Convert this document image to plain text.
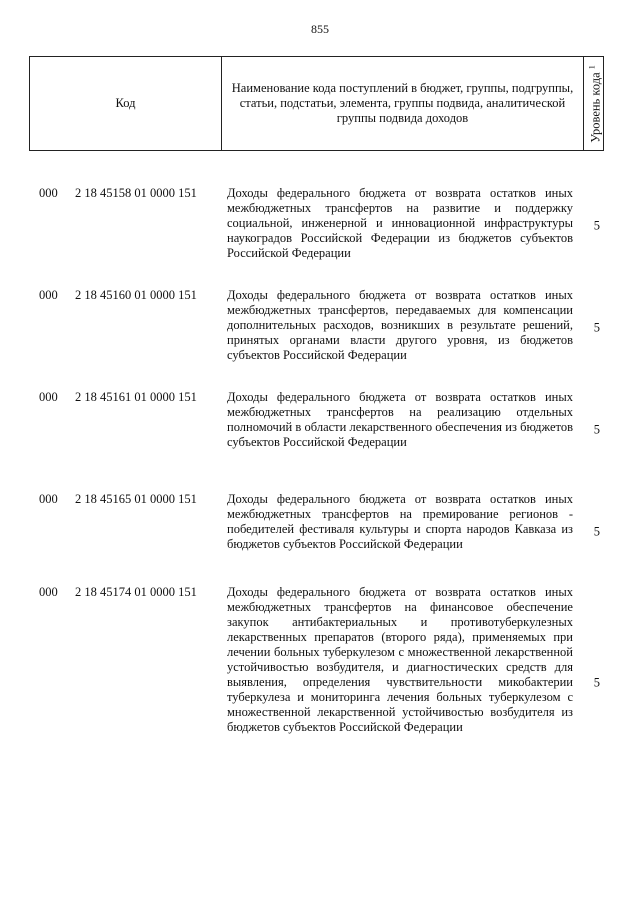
855
Код
Наименование кода поступлений в бюджет, группы, подгруппы, статьи, подстатьи, элемента, группы подвида, аналитической группы подвида доходов	Уровень кода $^1$
000 2 18 45158 01 0000 151 Доходы федерального бюджета от возврата остатков иных межбюджетных трансфертов на развитие и поддержку социальной, инженерной и инновационной инфраструктуры наукоградов Российской Федерации из бюджетов субъектов Российской Федерации
5
000 2 18 45160 01 0000 151 Доходы федерального бюджета от возврата остатков иных межбюджетных трансфертов, передаваемых для компенсации дополнительных расходов, возникших в результате решений, принятых органами власти другого уровня, из бюджетов субъектов Российской Федерации
5
000 2 18 45161 01 0000 151 Доходы федерального бюджета от возврата остатков иных межбюджетных трансфертов на реализацию отдельных полномочий в области лекарственного обеспечения из бюджетов субъектов Российской Федерации
5
000 2 18 45165 01 0000 151 Доходы федерального бюджета от возврата остатков иных межбюджетных трансфертов на премирование регионов - победителей фестиваля культуры и спорта народов Кавказа из бюджетов субъектов Российской Федерации
5
000 2 18 45174 01 0000 151 Доходы федерального бюджета от возврата остатков иных межбюджетных трансфертов на финансовое обеспечение закупок антибактериальных и противотуберкулезных лекарственных препаратов (второго ряда), применяемых при лечении больных туберкулезом с множественной лекарственной устойчивостью возбудителя, и диагностических средств для выявления, определения чувствительности микобактерии туберкулеза и мониторинга лечения больных туберкулезом с множественной лекарственной устойчивостью возбудителя из бюджетов субъектов Российской Федерации
5
